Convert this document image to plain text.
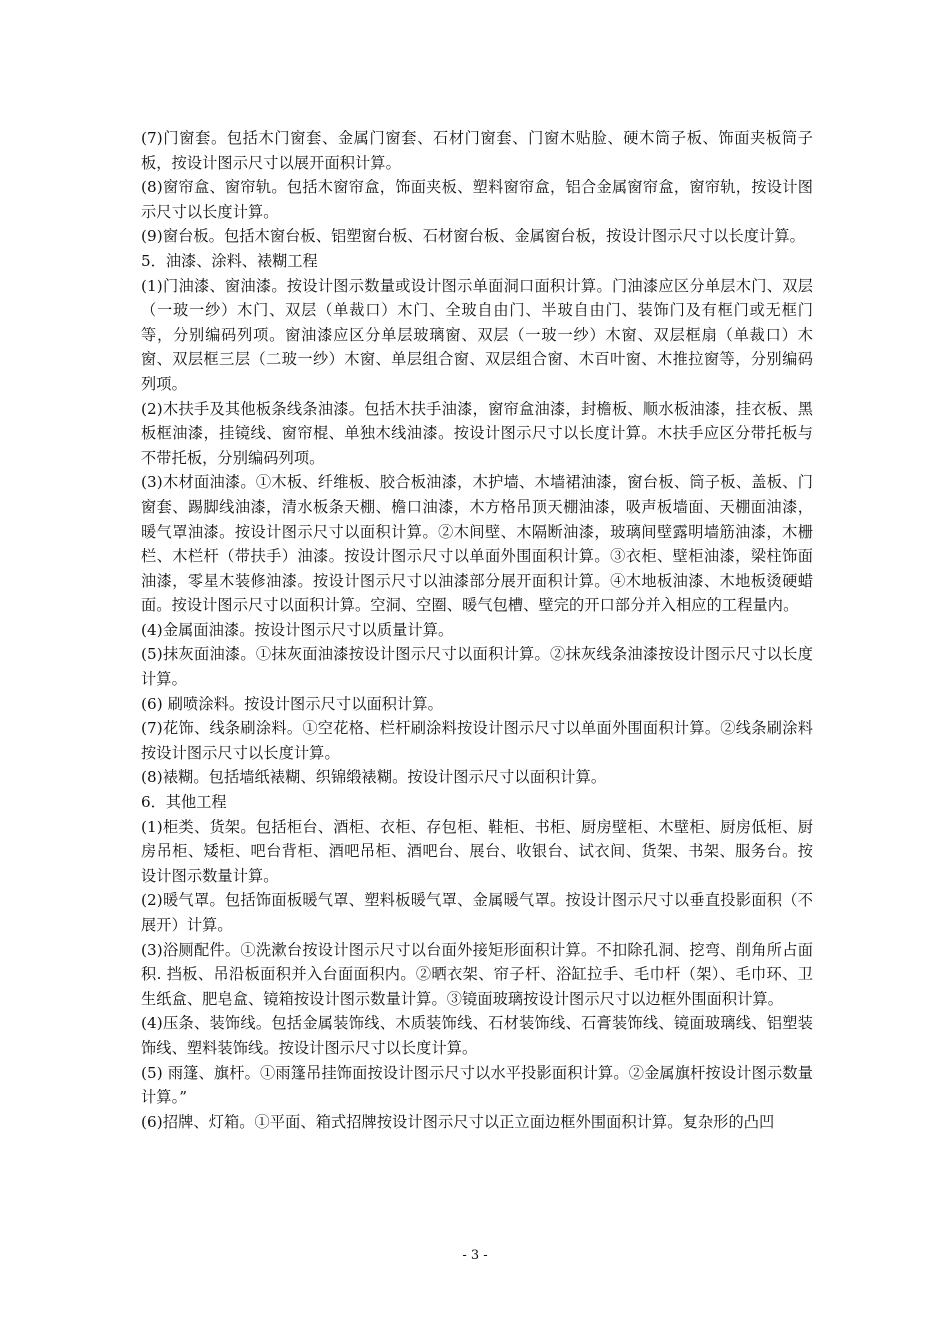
(7)门窗套。包括木门窗套、金属门窗套、石材门窗套、门窗木贴脸、硬木筒子板、饰面夹板筒子板，按设计图示尺寸以展开面积计算。

(8)窗帘盒、窗帘轨。包括木窗帘盒，饰面夹板、塑料窗帘盒，铝合金属窗帘盒，窗帘轨，按设计图示尺寸以长度计算。

(9)窗台板。包括木窗台板、铝塑窗台板、石材窗台板、金属窗台板，按设计图示尺寸以长度计算。

5．油漆、涂料、裱糊工程

(1)门油漆、窗油漆。按设计图示数量或设计图示单面洞口面积计算。门油漆应区分单层木门、双层（一玻一纱）木门、双层（单裁口）木门、全玻自由门、半玻自由门、装饰门及有框门或无框门等，分别编码列项。窗油漆应区分单层玻璃窗、双层（一玻一纱）木窗、双层框扇（单裁口）木窗、双层框三层（二玻一纱）木窗、单层组合窗、双层组合窗、木百叶窗、木推拉窗等，分别编码列项。

(2)木扶手及其他板条线条油漆。包括木扶手油漆，窗帘盒油漆，封檐板、顺水板油漆，挂衣板、黑板框油漆，挂镜线、窗帘棍、单独木线油漆。按设计图示尺寸以长度计算。木扶手应区分带托板与不带托板，分别编码列项。

(3)木材面油漆。①木板、纤维板、胶合板油漆，木护墙、木墙裙油漆，窗台板、筒子板、盖板、门窗套、踢脚线油漆，清水板条天棚、檐口油漆，木方格吊顶天棚油漆，吸声板墙面、天棚面油漆，暖气罩油漆。按设计图示尺寸以面积计算。②木间壁、木隔断油漆，玻璃间壁露明墙筋油漆，木栅栏、木栏杆（带扶手）油漆。按设计图示尺寸以单面外围面积计算。③衣柜、壁柜油漆，梁柱饰面油漆，零星木装修油漆。按设计图示尺寸以油漆部分展开面积计算。④木地板油漆、木地板烫硬蜡面。按设计图示尺寸以面积计算。空洞、空圈、暖气包槽、壁完的开口部分并入相应的工程量内。

(4)金属面油漆。按设计图示尺寸以质量计算。

(5)抹灰面油漆。①抹灰面油漆按设计图示尺寸以面积计算。②抹灰线条油漆按设计图示尺寸以长度计算。

(6) 刷喷涂料。按设计图示尺寸以面积计算。

(7)花饰、线条刷涂料。①空花格、栏杆刷涂料按设计图示尺寸以单面外围面积计算。②线条刷涂料按设计图示尺寸以长度计算。

(8)裱糊。包括墙纸裱糊、织锦缎裱糊。按设计图示尺寸以面积计算。

6．其他工程

(1)柜类、货架。包括柜台、酒柜、衣柜、存包柜、鞋柜、书柜、厨房壁柜、木壁柜、厨房低柜、厨房吊柜、矮柜、吧台背柜、酒吧吊柜、酒吧台、展台、收银台、试衣间、货架、书架、服务台。按设计图示数量计算。

(2)暖气罩。包括饰面板暖气罩、塑料板暖气罩、金属暖气罩。按设计图示尺寸以垂直投影面积（不展开）计算。

(3)浴厕配件。①洗漱台按设计图示尺寸以台面外接矩形面积计算。不扣除孔洞、挖弯、削角所占面积. 挡板、吊沿板面积并入台面面积内。②晒衣架、帘子杆、浴缸拉手、毛巾杆（架）、毛巾环、卫生纸盒、肥皂盒、镜箱按设计图示数量计算。③镜面玻璃按设计图示尺寸以边框外围面积计算。

(4)压条、装饰线。包括金属装饰线、木质装饰线、石材装饰线、石膏装饰线、镜面玻璃线、铝塑装饰线、塑料装饰线。按设计图示尺寸以长度计算。

(5) 雨篷、旗杆。①雨篷吊挂饰面按设计图示尺寸以水平投影面积计算。②金属旗杆按设计图示数量计算。”

(6)招牌、灯箱。①平面、箱式招牌按设计图示尺寸以正立面边框外围面积计算。复杂形的凸凹

- 3 -
